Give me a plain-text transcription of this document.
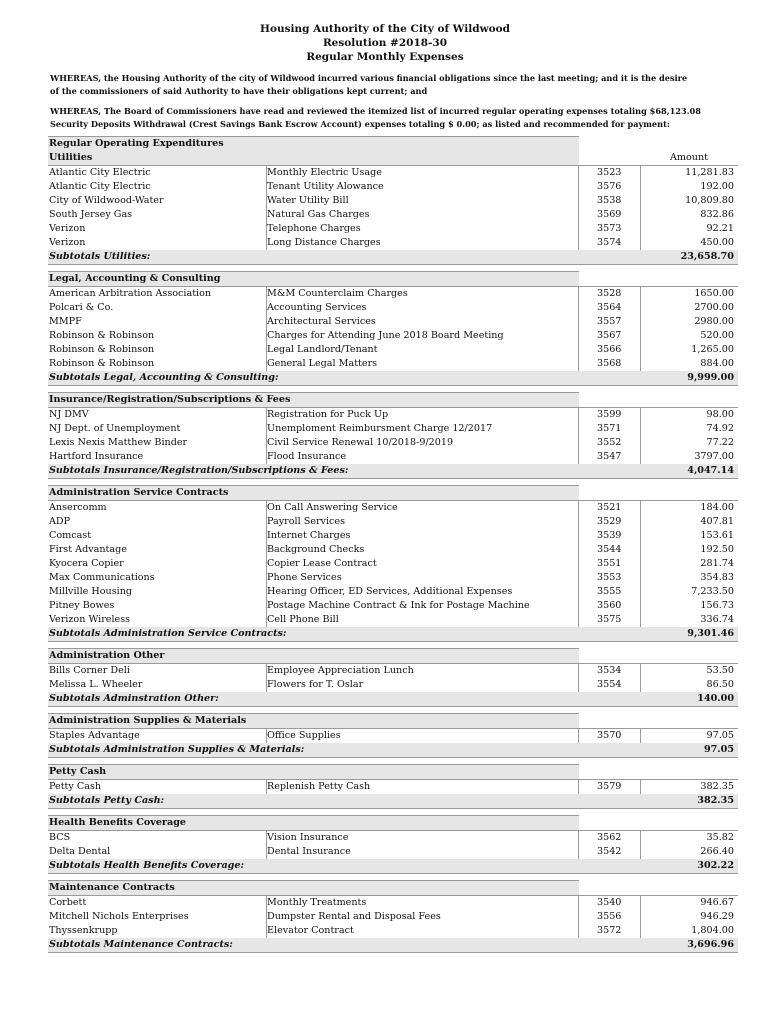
Housing Authority of the City of Wildwood
Resolution #2018-30
Regular Monthly Expenses
WHEREAS, the Housing Authority of the city of Wildwood incurred various financial obligations since the last meeting; and it is the desire
of the commissioners of said Authority to have their obligations kept current; and
WHEREAS, The Board of Commissioners have read and reviewed the itemized list of incurred regular operating expenses totaling $68,123.08
Security Deposits Withdrawal (Crest Savings Bank Escrow Account) expenses totaling $ 0.00; as listed and recommended for payment:
Regular Operating Expenditures
Utilities	Amount
Atlantic City Electric	Monthly Electric Usage	3523	11,281.83
Atlantic City Electric	Tenant Utility Alowance	3576	192.00
City of Wildwood-Water	Water Utility Bill	3538	10,809.80
South Jersey Gas	Natural Gas Charges	3569	832.86
Verizon	Telephone Charges	3573	92.21
Verizon	Long Distance Charges	3574	450.00
Subtotals Utilities:	23,658.70
Legal, Accounting & Consulting
American Arbitration Association	M&M Counterclaim Charges	3528	1650.00
Polcari & Co.	Accounting Services	3564	2700.00
MMPF	Architectural Services	3557	2980.00
Robinson & Robinson	Charges for Attending June 2018 Board Meeting	3567	520.00
Robinson & Robinson	Legal Landlord/Tenant	3566	1,265.00
Robinson & Robinson	General Legal Matters	3568	884.00
Subtotals Legal, Accounting & Consulting:	9,999.00
Insurance/Registration/Subscriptions & Fees
NJ DMV	Registration for Puck Up	3599	98.00
NJ Dept. of Unemployment	Unemploment Reimbursment Charge 12/2017	3571	74.92
Lexis Nexis Matthew Binder	Civil Service Renewal 10/2018-9/2019	3552	77.22
Hartford Insurance	Flood Insurance	3547	3797.00
Subtotals Insurance/Registration/Subscriptions & Fees:	4,047.14
Administration Service Contracts
Ansercomm	On Call Answering Service	3521	184.00
ADP	Payroll Services	3529	407.81
Comcast	Internet Charges	3539	153.61
First Advantage	Background Checks	3544	192.50
Kyocera Copier	Copier Lease Contract	3551	281.74
Max Communications	Phone Services	3553	354.83
Millville Housing	Hearing Officer, ED Services, Additional Expenses	3555	7,233.50
Pitney Bowes	Postage Machine Contract & Ink for Postage Machine	3560	156.73
Verizon Wireless	Cell Phone Bill	3575	336.74
Subtotals Administration Service Contracts:	9,301.46
Administration Other
Bills Corner Deli	Employee Appreciation Lunch	3534	53.50
Melissa L. Wheeler	Flowers for T. Oslar	3554	86.50
Subtotals Adminstration Other:	140.00
Administration Supplies & Materials
Staples Advantage	Office Supplies	3570	97.05
Subtotals Administration Supplies & Materials:	97.05
Petty Cash
Petty Cash	Replenish Petty Cash	3579	382.35
Subtotals Petty Cash:	382.35
Health Benefits Coverage
BCS	Vision Insurance	3562	35.82
Delta Dental	Dental Insurance	3542	266.40
Subtotals Health Benefits Coverage:	302.22
Maintenance Contracts
Corbett	Monthly Treatments	3540	946.67
Mitchell Nichols Enterprises	Dumpster Rental and Disposal Fees	3556	946.29
Thyssenkrupp	Elevator Contract	3572	1,804.00
Subtotals Maintenance Contracts:	3,696.96
